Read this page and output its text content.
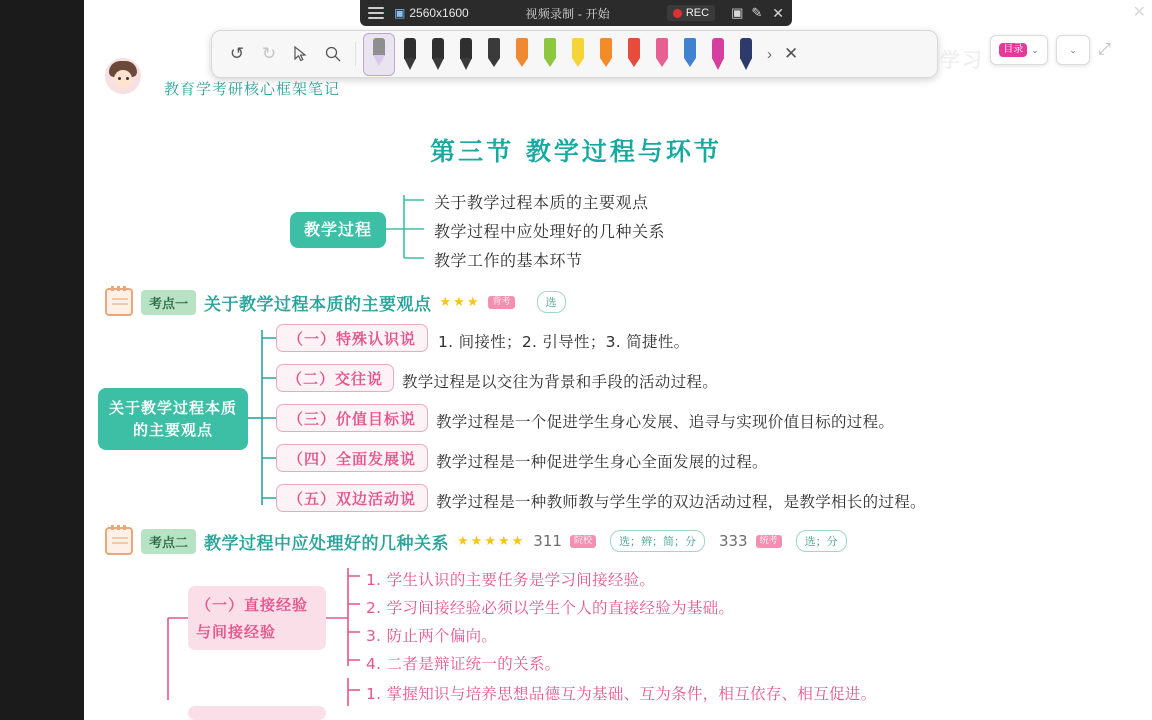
▣ 2560x1600	视频录制 - 开始	REC ▣ ✎ ✕	✕
↺	↻	› ✕	目录 ⌄	⌄ ⤢
学习
教育学考研核心框架笔记
第三节 教学过程与环节
教学过程
关于教学过程本质的主要观点
教学过程中应处理好的几种关系
教学工作的基本环节
考点一 关于教学过程本质的主要观点 ★★★	背考	选
关于教学过程本质的主要观点
（一）特殊认识说	1. 间接性；2. 引导性；3. 简捷性。
（二）交往说	教学过程是以交往为背景和手段的活动过程。
（三）价值目标说	教学过程是一个促进学生身心发展、追寻与实现价值目标的过程。
（四）全面发展说	教学过程是一种促进学生身心全面发展的过程。
（五）双边活动说	教学过程是一种教师教与学生学的双边活动过程，是教学相长的过程。
考点二 教学过程中应处理好的几种关系 ★★★★★ 311	院校	选；辨；简；分	333	统考	选；分
（一）直接经验
与间接经验
1. 学生认识的主要任务是学习间接经验。
2. 学习间接经验必须以学生个人的直接经验为基础。
3. 防止两个偏向。
4. 二者是辩证统一的关系。
1. 掌握知识与培养思想品德互为基础、互为条件，相互依存、相互促进。
